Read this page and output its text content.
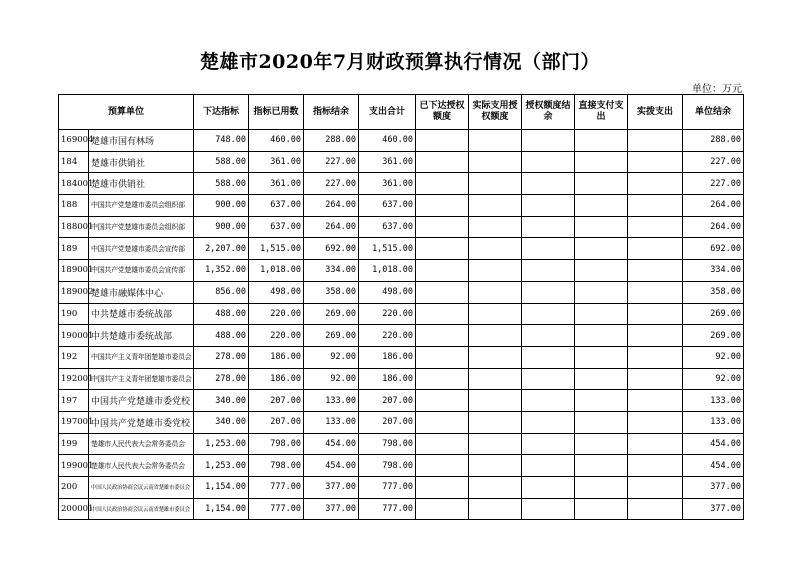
楚雄市2020年7月财政预算执行情况（部门）
单位：万元
预算单位		下达指标	指标已用数	指标结余	支出合计	已下达授权额度	实际支用授权额度	授权额度结余	直接支付支出	实拨支出	单位结余
169004	楚雄市国有林场	748.00	460.00	288.00	460.00						288.00
184	楚雄市供销社	588.00	361.00	227.00	361.00						227.00
184001	楚雄市供销社	588.00	361.00	227.00	361.00						227.00
188	中国共产党楚雄市委员会组织部	900.00	637.00	264.00	637.00						264.00
188001	中国共产党楚雄市委员会组织部	900.00	637.00	264.00	637.00						264.00
189	中国共产党楚雄市委员会宣传部	2,207.00	1,515.00	692.00	1,515.00						692.00
189001	中国共产党楚雄市委员会宣传部	1,352.00	1,018.00	334.00	1,018.00						334.00
189002	楚雄市融媒体中心	856.00	498.00	358.00	498.00						358.00
190	中共楚雄市委统战部	488.00	220.00	269.00	220.00						269.00
190001	中共楚雄市委统战部	488.00	220.00	269.00	220.00						269.00
192	中国共产主义青年团楚雄市委员会	278.00	186.00	92.00	186.00						92.00
192001	中国共产主义青年团楚雄市委员会	278.00	186.00	92.00	186.00						92.00
197	中国共产党楚雄市委党校	340.00	207.00	133.00	207.00						133.00
197001	中国共产党楚雄市委党校	340.00	207.00	133.00	207.00						133.00
199	楚雄市人民代表大会常务委员会	1,253.00	798.00	454.00	798.00						454.00
199001	楚雄市人民代表大会常务委员会	1,253.00	798.00	454.00	798.00						454.00
200	中国人民政治协商会议云南省楚雄市委员会	1,154.00	777.00	377.00	777.00						377.00
200001	中国人民政治协商会议云南省楚雄市委员会	1,154.00	777.00	377.00	777.00						377.00
